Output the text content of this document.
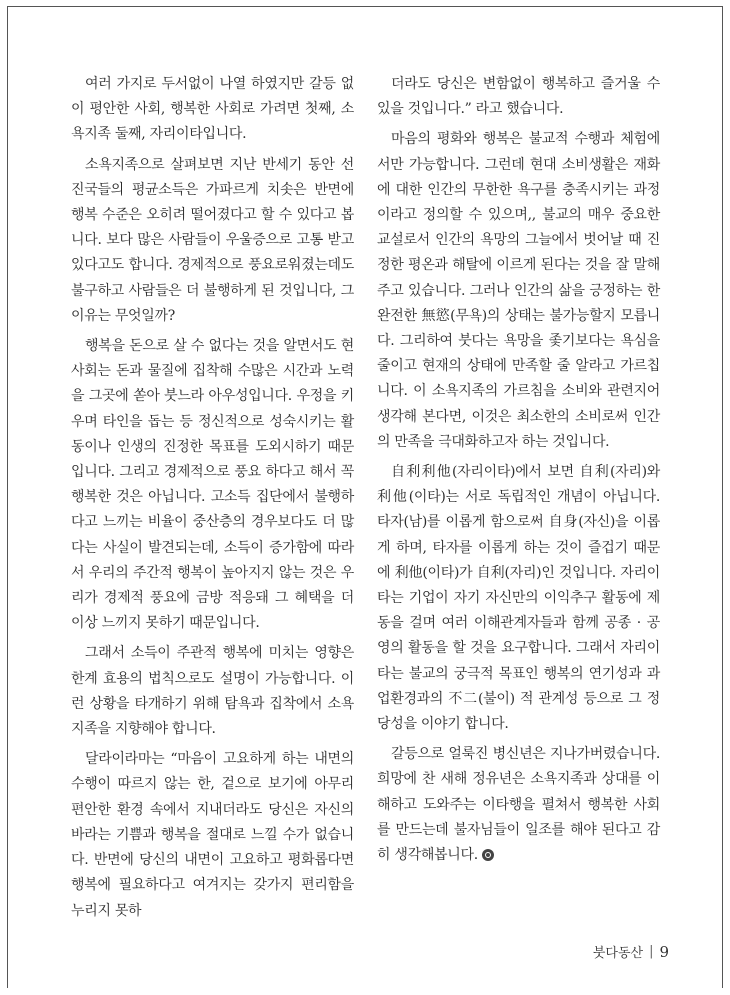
여러 가지로 두서없이 나열 하였지만 갈등 없이 평안한 사회, 행복한 사회로 가려면 첫째, 소욕지족 둘째, 자리이타입니다.

소욕지족으로 살펴보면 지난 반세기 동안 선진국들의 평균소득은 가파르게 치솟은 반면에 행복 수준은 오히려 떨어졌다고 할 수 있다고 봅니다. 보다 많은 사람들이 우울증으로 고통 받고 있다고도 합니다. 경제적으로 풍요로워졌는데도 불구하고 사람들은 더 불행하게 된 것입니다, 그 이유는 무엇일까?

행복을 돈으로 살 수 없다는 것을 알면서도 현 사회는 돈과 물질에 집착해 수많은 시간과 노력을 그곳에 쏟아 붓느라 아우성입니다. 우정을 키우며 타인을 돕는 등 정신적으로 성숙시키는 활동이나 인생의 진정한 목표를 도외시하기 때문입니다. 그리고 경제적으로 풍요 하다고 해서 꼭 행복한 것은 아닙니다. 고소득 집단에서 불행하다고 느끼는 비율이 중산층의 경우보다도 더 많다는 사실이 발견되는데, 소득이 증가함에 따라서 우리의 주간적 행복이 높아지지 않는 것은 우리가 경제적 풍요에 금방 적응돼 그 혜택을 더 이상 느끼지 못하기 때문입니다.

그래서 소득이 주관적 행복에 미치는 영향은 한계 효용의 법칙으로도 설명이 가능합니다. 이런 상황을 타개하기 위해 탐욕과 집착에서 소욕지족을 지향해야 합니다.

달라이라마는 “마음이 고요하게 하는 내면의 수행이 따르지 않는 한, 겉으로 보기에 아무리 편안한 환경 속에서 지내더라도 당신은 자신의 바라는 기쁨과 행복을 절대로 느낄 수가 없습니다. 반면에 당신의 내면이 고요하고 평화롭다면 행복에 필요하다고 여겨지는 갖가지 편리함을 누리지 못하

더라도 당신은 변함없이 행복하고 즐거울 수 있을 것입니다.” 라고 했습니다.

마음의 평화와 행복은 불교적 수행과 체험에서만 가능합니다. 그런데 현대 소비생활은 재화에 대한 인간의 무한한 욕구를 충족시키는 과정이라고 정의할 수 있으며,, 불교의 매우 중요한 교설로서 인간의 욕망의 그늘에서 벗어날 때 진정한 평온과 해탈에 이르게 된다는 것을 잘 말해주고 있습니다. 그러나 인간의 삶을 긍정하는 한 완전한 無慾(무욕)의 상태는 불가능할지 모릅니다. 그리하여 붓다는 욕망을 좇기보다는 욕심을 줄이고 현재의 상태에 만족할 줄 알라고 가르칩니다. 이 소욕지족의 가르침을 소비와 관련지어 생각해 본다면, 이것은 최소한의 소비로써 인간의 만족을 극대화하고자 하는 것입니다.

自利利他(자리이타)에서 보면 自利(자리)와 利他(이타)는 서로 독립적인 개념이 아닙니다. 타자(남)를 이롭게 함으로써 自身(자신)을 이롭게 하며, 타자를 이롭게 하는 것이 즐겁기 때문에 利他(이타)가 自利(자리)인 것입니다. 자리이타는 기업이 자기 자신만의 이익추구 활동에 제동을 걸며 여러 이해관계자들과 함께 공종 · 공영의 활동을 할 것을 요구합니다. 그래서 자리이타는 불교의 궁극적 목표인 행복의 연기성과 과업환경과의 不二(불이) 적 관계성 등으로 그 정당성을 이야기 합니다.

갈등으로 얼룩진 병신년은 지나가버렸습니다. 희망에 찬 새해 정유년은 소욕지족과 상대를 이해하고 도와주는 이타행을 펼쳐서 행복한 사회를 만드는데 불자님들이 일조를 해야 된다고 감히 생각해봅니다.

붓다동산 | 9
